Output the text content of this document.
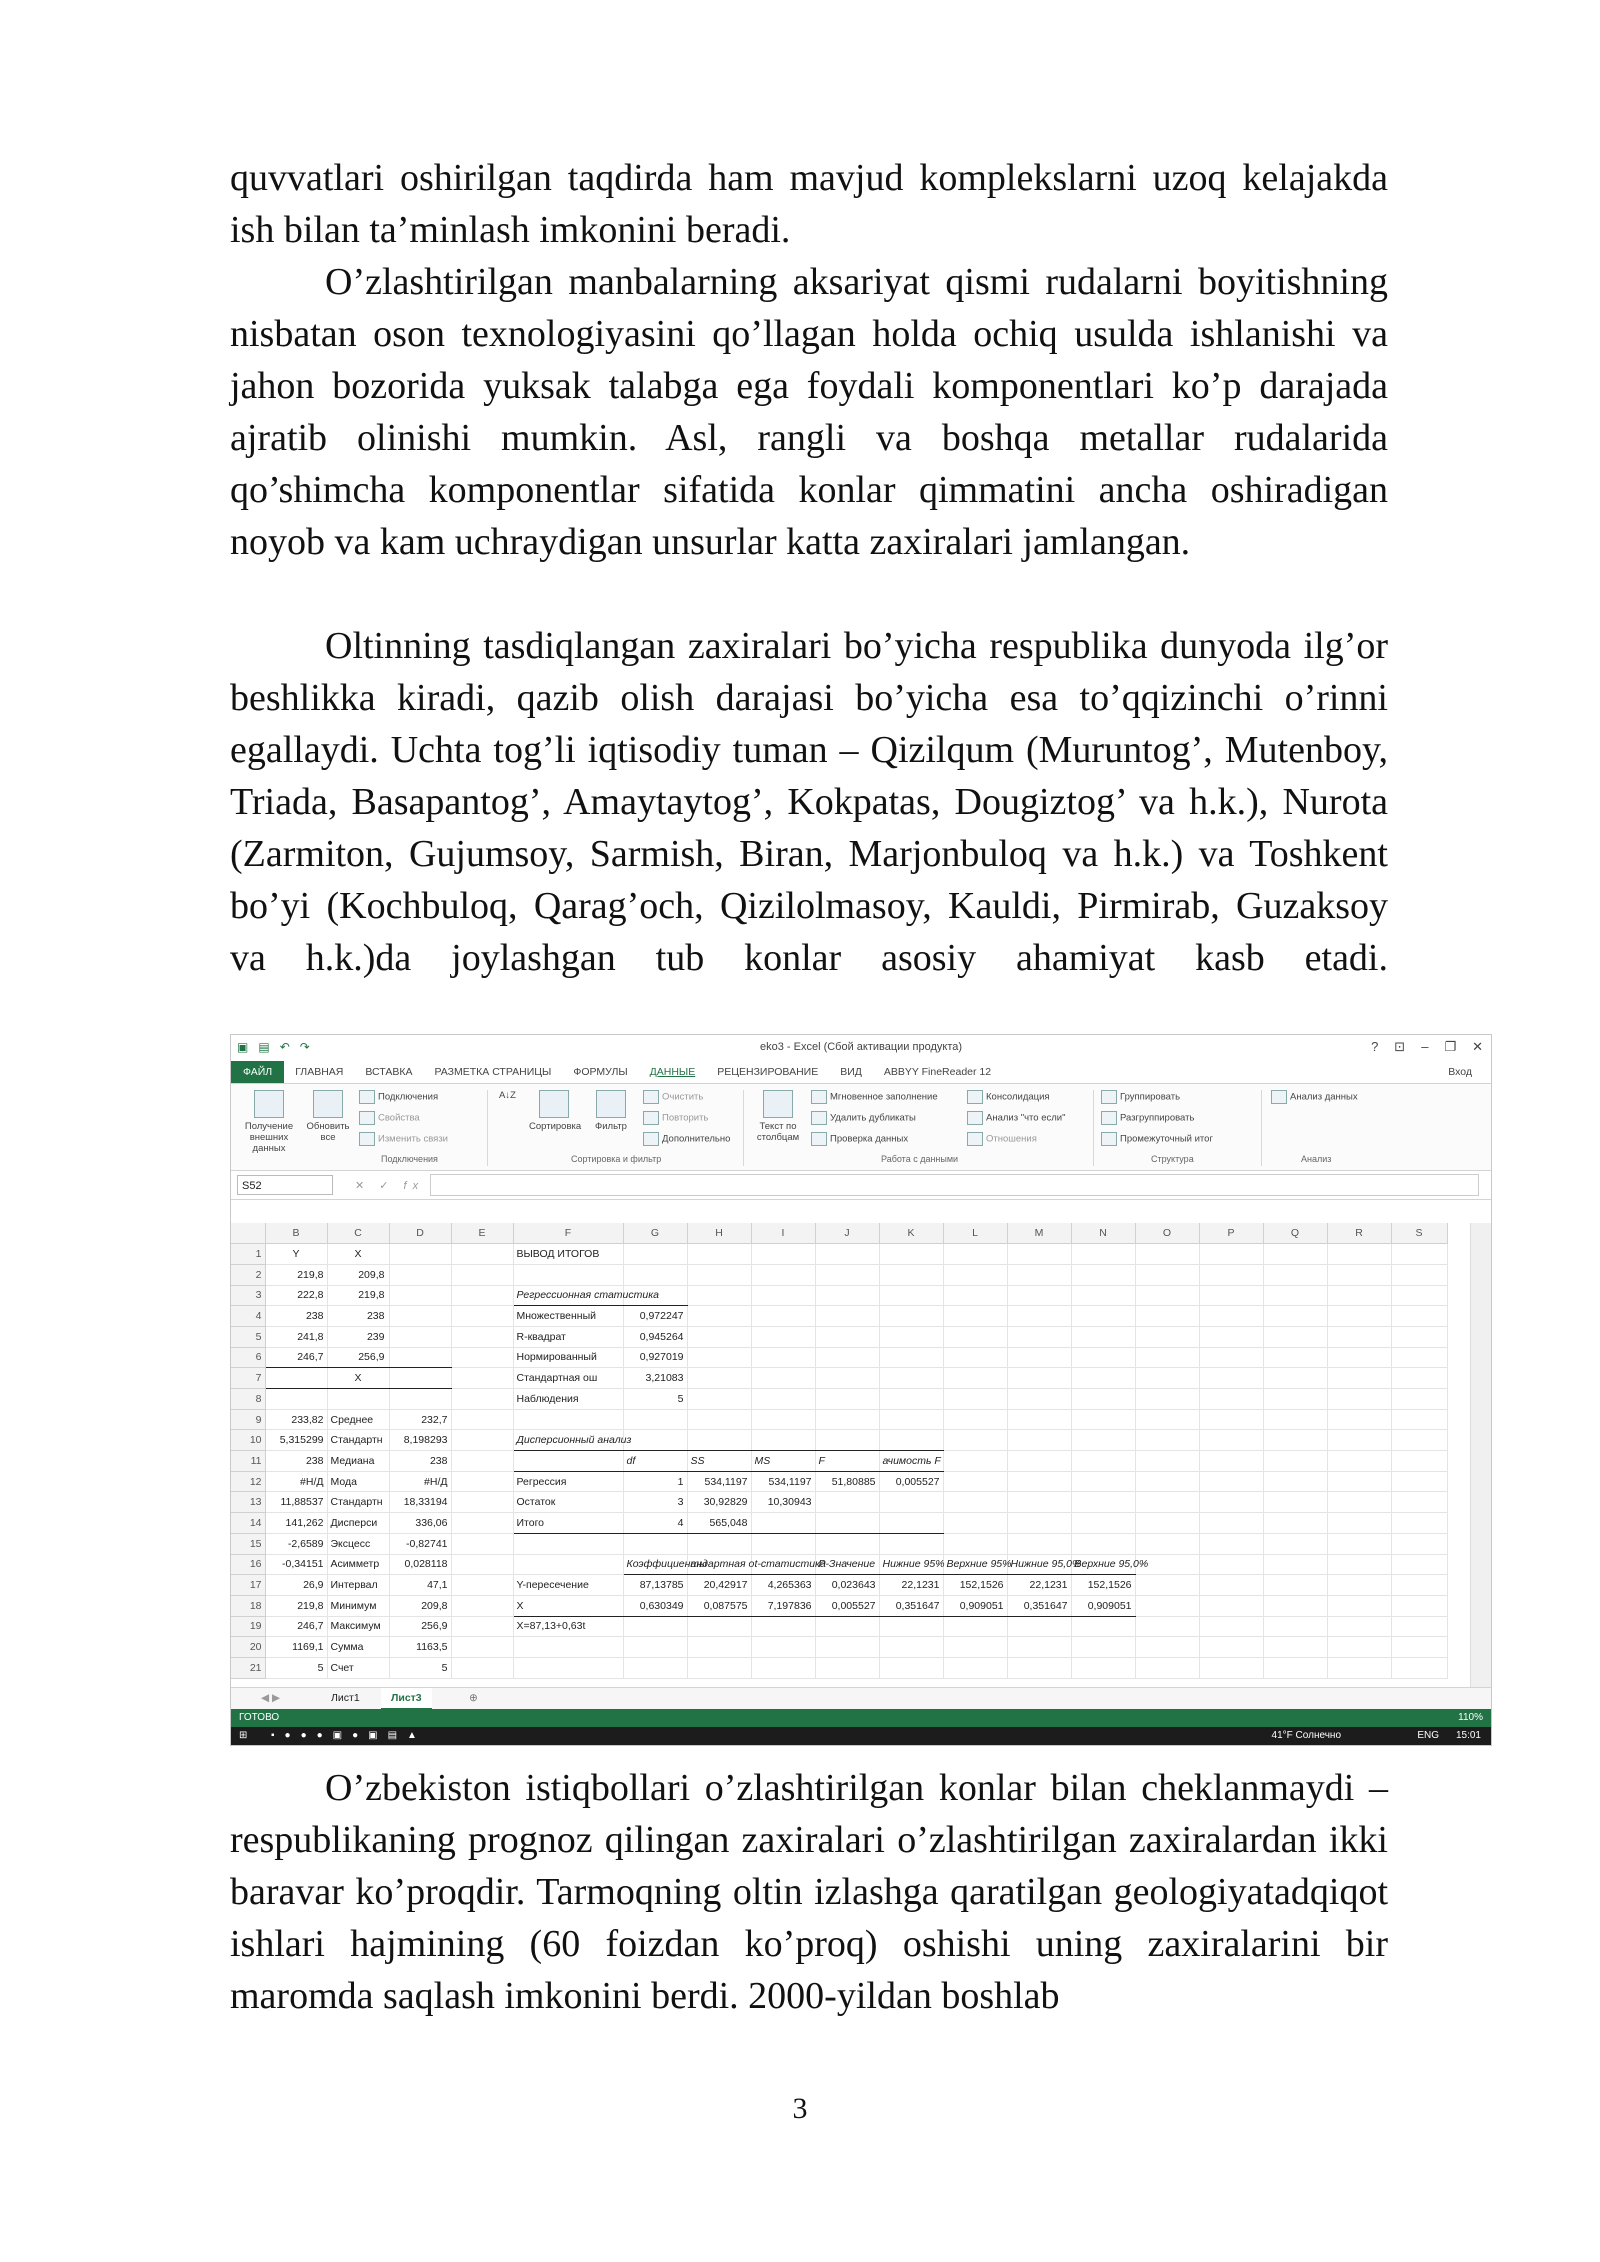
quvvatlari oshirilgan taqdirda ham mavjud komplekslarni uzoq kelajakda ish bilan ta’minlash imkonini beradi.

O’zlashtirilgan manbalarning aksariyat qismi rudalarni boyitishning nisbatan oson texnologiyasini qo’llagan holda ochiq usulda ishlanishi va jahon bozorida yuksak talabga ega foydali komponentlari ko’p darajada ajratib olinishi mumkin. Asl, rangli va boshqa metallar rudalarida qo’shimcha komponentlar sifatida konlar qimmatini ancha oshiradigan noyob va kam uchraydigan unsurlar katta zaxiralari jamlangan.

Oltinning tasdiqlangan zaxiralari bo’yicha respublika dunyoda ilg’or beshlikka kiradi, qazib olish darajasi bo’yicha esa to’qqizinchi o’rinni egallaydi. Uchta tog’li iqtisodiy tuman – Qizilqum (Muruntog’, Mutenboy, Triada, Basapantog’, Amaytaytog’, Kokpatas, Dougiztog’ va h.k.), Nurota (Zarmiton, Gujumsoy, Sarmish, Biran, Marjonbuloq va h.k.) va Toshkent bo’yi (Kochbuloq, Qarag’och, Qizilolmasoy, Kauldi, Pirmirab, Guzaksoy va h.k.)da joylashgan tub konlar asosiy ahamiyat kasb etadi.

▣ ▤ ↶ ↷	eko3 - Excel (Сбой активации продукта)	? ⊡ – ❐ ✕
ФАЙЛ	ГЛАВНАЯ	ВСТАВКА	РАЗМЕТКА СТРАНИЦЫ	ФОРМУЛЫ	ДАННЫЕ	РЕЦЕНЗИРОВАНИЕ	ВИД	ABBYY FineReader 12	Вход
Получение внешних данных
Обновить все
Подключения
Свойства
Изменить связи
Подключения
A↓Z
Сортировка	Фильтр
Очистить
Повторить
Дополнительно
Сортировка и фильтр
Текст по столбцам
Мгновенное заполнение
Удалить дубликаты
Проверка данных
Консолидация
Анализ "что если"
Отношения
Работа с данными
Группировать
Разгруппировать
Промежуточный итог
Структура
Анализ данных
Анализ
S52	✕ ✓ fx
	B	C	D	E	F	G	H	I	J	K	L	M	N	O	P	Q	R	S
1	Y	X			ВЫВОД ИТОГОВ													
2	219,8	209,8																
3	222,8	219,8			Регрессионная статистика													
4	238	238			Множественный	0,972247												
5	241,8	239			R-квадрат	0,945264												
6	246,7	256,9			Нормированный	0,927019												
7		X			Стандартная ош	3,21083												
8					Наблюдения	5												
9	233,82	Среднее	232,7															
10	5,315299	Стандартн	8,198293		Дисперсионный анализ													
11	238	Медиана	238			df	SS	MS	F	ачимость F								
12	#Н/Д	Мода	#Н/Д		Регрессия	1	534,1197	534,1197	51,80885	0,005527								
13	11,88537	Стандартн	18,33194		Остаток	3	30,92829	10,30943										
14	141,262	Дисперси	336,06		Итого	4	565,048											
15	-2,6589	Эксцесс	-0,82741															
16	-0,34151	Асимметр	0,028118			Коэффициенты	андартная о	t-статистика	P-Значение	Нижние 95%	Верхние 95%	Нижние 95,0%	Верхние 95,0%					
17	26,9	Интервал	47,1		Y-пересечение	87,13785	20,42917	4,265363	0,023643	22,1231	152,1526	22,1231	152,1526					
18	219,8	Минимум	209,8		X	0,630349	0,087575	7,197836	0,005527	0,351647	0,909051	0,351647	0,909051					
19	246,7	Максимум	256,9		X=87,13+0,63t													
20	1169,1	Сумма	1163,5															
21	5	Счет	5															
◀ ▶	Лист1	Лист3	⊕
ГОТОВО	110%
⊞ ▪●●●▣●▣▤▲	41°F Солнечно	ENG 15:01

O’zbekiston istiqbollari o’zlashtirilgan konlar bilan cheklanmaydi – respublikaning prognoz qilingan zaxiralari o’zlashtirilgan zaxiralardan ikki baravar ko’proqdir. Tarmoqning oltin izlashga qaratilgan geologiyatadqiqot ishlari hajmining (60 foizdan ko’proq) oshishi uning zaxiralarini bir maromda saqlash imkonini berdi. 2000-yildan boshlab

3
